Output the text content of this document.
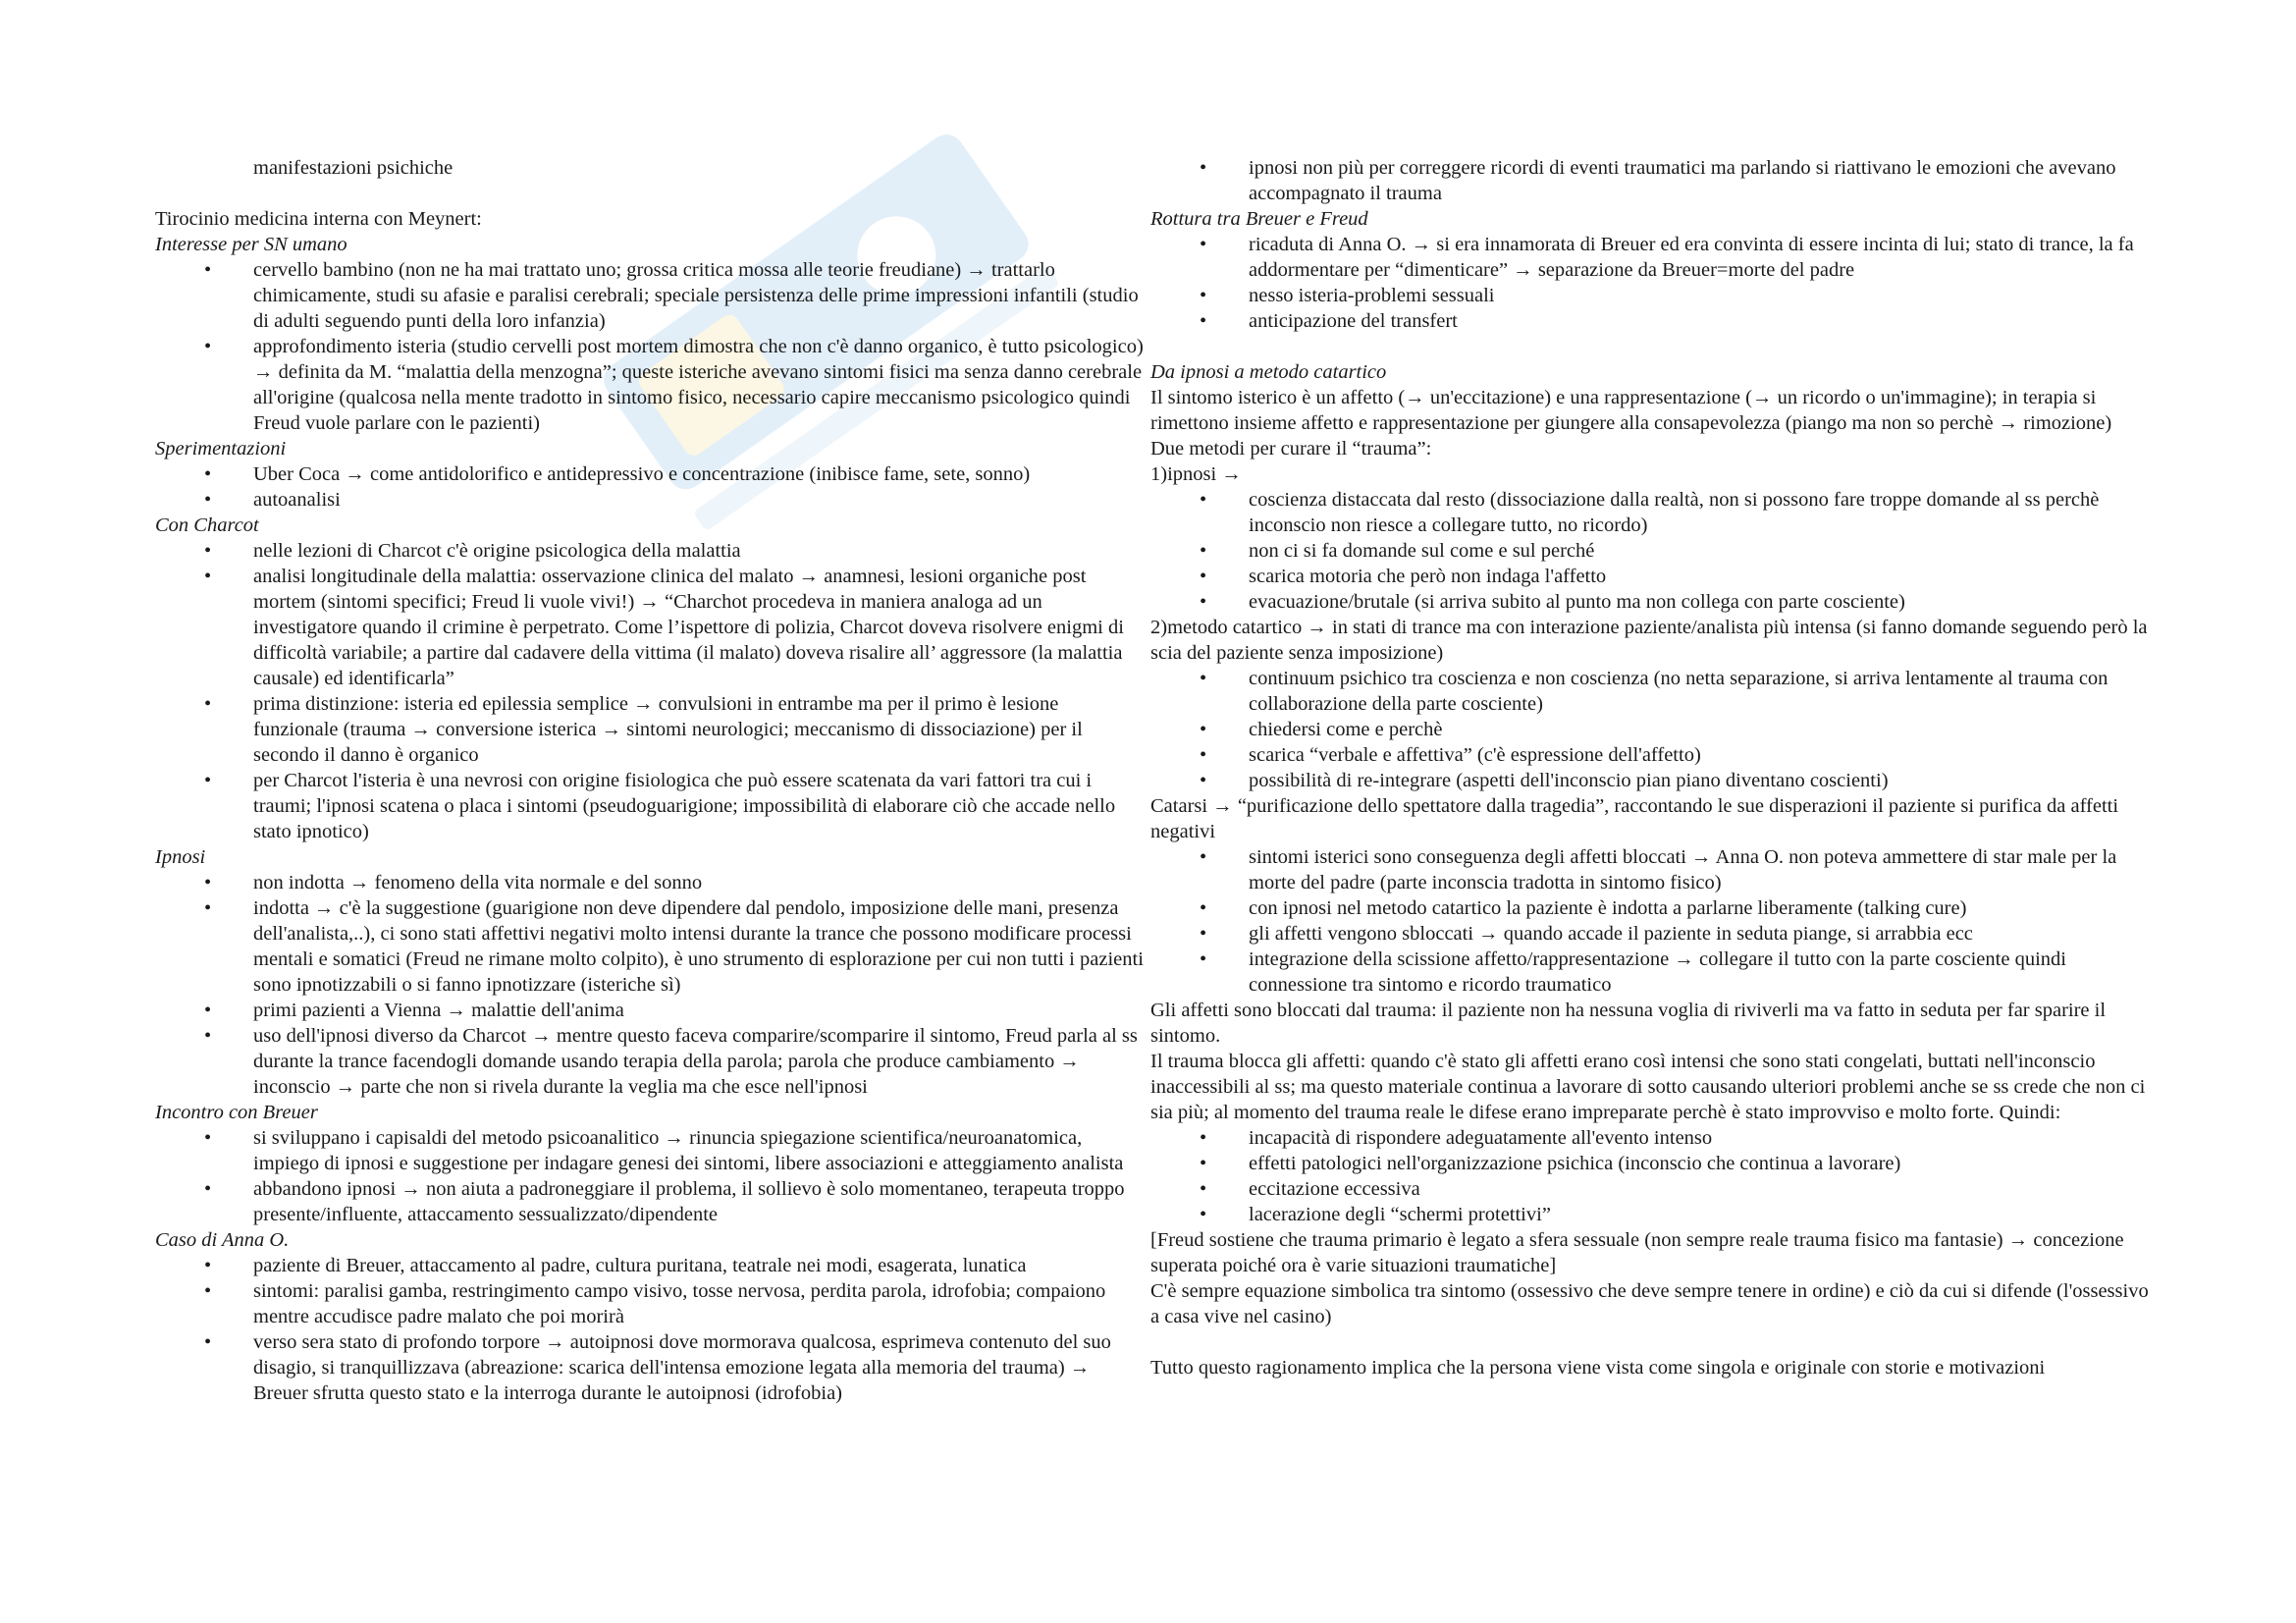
manifestazioni psichiche
Tirocinio medicina interna con Meynert:
Interesse per SN umano
• cervello bambino (non ne ha mai trattato uno; grossa critica mossa alle teorie freudiane) → trattarlo chimicamente, studi su afasie e paralisi cerebrali; speciale persistenza delle prime impressioni infantili (studio di adulti seguendo punti della loro infanzia)
• approfondimento isteria (studio cervelli post mortem dimostra che non c'è danno organico, è tutto psicologico) → definita da M. “malattia della menzogna”; queste isteriche avevano sintomi fisici ma senza danno cerebrale all'origine (qualcosa nella mente tradotto in sintomo fisico, necessario capire meccanismo psicologico quindi Freud vuole parlare con le pazienti)
Sperimentazioni
• Uber Coca → come antidolorifico e antidepressivo e concentrazione (inibisce fame, sete, sonno)
• autoanalisi
Con Charcot
• nelle lezioni di Charcot c'è origine psicologica della malattia
• analisi longitudinale della malattia: osservazione clinica del malato → anamnesi, lesioni organiche post mortem (sintomi specifici; Freud li vuole vivi!) → “Charchot procedeva in maniera analoga ad un investigatore quando il crimine è perpetrato. Come l’ispettore di polizia, Charcot doveva risolvere enigmi di difficoltà variabile; a partire dal cadavere della vittima (il malato) doveva risalire all’ aggressore (la malattia causale) ed identificarla”
• prima distinzione: isteria ed epilessia semplice → convulsioni in entrambe ma per il primo è lesione funzionale (trauma → conversione isterica → sintomi neurologici; meccanismo di dissociazione) per il secondo il danno è organico
• per Charcot l'isteria è una nevrosi con origine fisiologica che può essere scatenata da vari fattori tra cui i traumi; l'ipnosi scatena o placa i sintomi (pseudoguarigione; impossibilità di elaborare ciò che accade nello stato ipnotico)
Ipnosi
• non indotta → fenomeno della vita normale e del sonno
• indotta → c'è la suggestione (guarigione non deve dipendere dal pendolo, imposizione delle mani, presenza dell'analista,..), ci sono stati affettivi negativi molto intensi durante la trance che possono modificare processi mentali e somatici (Freud ne rimane molto colpito), è uno strumento di esplorazione per cui non tutti i pazienti sono ipnotizzabili o si fanno ipnotizzare (isteriche sì)
• primi pazienti a Vienna → malattie dell'anima
• uso dell'ipnosi diverso da Charcot → mentre questo faceva comparire/scomparire il sintomo, Freud parla al ss durante la trance facendogli domande usando terapia della parola; parola che produce cambiamento → inconscio → parte che non si rivela durante la veglia ma che esce nell'ipnosi
Incontro con Breuer
• si sviluppano i capisaldi del metodo psicoanalitico → rinuncia spiegazione scientifica/neuroanatomica, impiego di ipnosi e suggestione per indagare genesi dei sintomi, libere associazioni e atteggiamento analista
• abbandono ipnosi → non aiuta a padroneggiare il problema, il sollievo è solo momentaneo, terapeuta troppo presente/influente, attaccamento sessualizzato/dipendente
Caso di Anna O.
• paziente di Breuer, attaccamento al padre, cultura puritana, teatrale nei modi, esagerata, lunatica
• sintomi: paralisi gamba, restringimento campo visivo, tosse nervosa, perdita parola, idrofobia; compaiono mentre accudisce padre malato che poi morirà
• verso sera stato di profondo torpore → autoipnosi dove mormorava qualcosa, esprimeva contenuto del suo disagio, si tranquillizzava (abreazione: scarica dell'intensa emozione legata alla memoria del trauma) → Breuer sfrutta questo stato e la interroga durante le autoipnosi (idrofobia)
• ipnosi non più per correggere ricordi di eventi traumatici ma parlando si riattivano le emozioni che avevano accompagnato il trauma
Rottura tra Breuer e Freud
• ricaduta di Anna O. → si era innamorata di Breuer ed era convinta di essere incinta di lui; stato di trance, la fa addormentare per “dimenticare” → separazione da Breuer=morte del padre
• nesso isteria-problemi sessuali
• anticipazione del transfert
Da ipnosi a metodo catartico

Il sintomo isterico è un affetto (→ un'eccitazione) e una rappresentazione (→ un ricordo o un'immagine); in terapia si rimettono insieme affetto e rappresentazione per giungere alla consapevolezza (piango ma non so perchè → rimozione)

Due metodi per curare il “trauma”:

1)ipnosi →

• coscienza distaccata dal resto (dissociazione dalla realtà, non si possono fare troppe domande al ss perchè inconscio non riesce a collegare tutto, no ricordo)
• non ci si fa domande sul come e sul perché
• scarica motoria che però non indaga l'affetto
• evacuazione/brutale (si arriva subito al punto ma non collega con parte cosciente)

2)metodo catartico → in stati di trance ma con interazione paziente/analista più intensa (si fanno domande seguendo però la scia del paziente senza imposizione)

• continuum psichico tra coscienza e non coscienza (no netta separazione, si arriva lentamente al trauma con collaborazione della parte cosciente)
• chiedersi come e perchè
• scarica “verbale e affettiva” (c'è espressione dell'affetto)
• possibilità di re-integrare (aspetti dell'inconscio pian piano diventano coscienti)

Catarsi → “purificazione dello spettatore dalla tragedia”, raccontando le sue disperazioni il paziente si purifica da affetti negativi

• sintomi isterici sono conseguenza degli affetti bloccati → Anna O. non poteva ammettere di star male per la morte del padre (parte inconscia tradotta in sintomo fisico)
• con ipnosi nel metodo catartico la paziente è indotta a parlarne liberamente (talking cure)
• gli affetti vengono sbloccati → quando accade il paziente in seduta piange, si arrabbia ecc
• integrazione della scissione affetto/rappresentazione → collegare il tutto con la parte cosciente quindi connessione tra sintomo e ricordo traumatico

Gli affetti sono bloccati dal trauma: il paziente non ha nessuna voglia di riviverli ma va fatto in seduta per far sparire il sintomo.

Il trauma blocca gli affetti: quando c'è stato gli affetti erano così intensi che sono stati congelati, buttati nell'inconscio inaccessibili al ss; ma questo materiale continua a lavorare di sotto causando ulteriori problemi anche se ss crede che non ci sia più; al momento del trauma reale le difese erano impreparate perchè è stato improvviso e molto forte. Quindi:

• incapacità di rispondere adeguatamente all'evento intenso
• effetti patologici nell'organizzazione psichica (inconscio che continua a lavorare)
• eccitazione eccessiva
• lacerazione degli “schermi protettivi”

[Freud sostiene che trauma primario è legato a sfera sessuale (non sempre reale trauma fisico ma fantasie) → concezione superata poiché ora è varie situazioni traumatiche]

C'è sempre equazione simbolica tra sintomo (ossessivo che deve sempre tenere in ordine) e ciò da cui si difende (l'ossessivo a casa vive nel casino)

Tutto questo ragionamento implica che la persona viene vista come singola e originale con storie e motivazioni
